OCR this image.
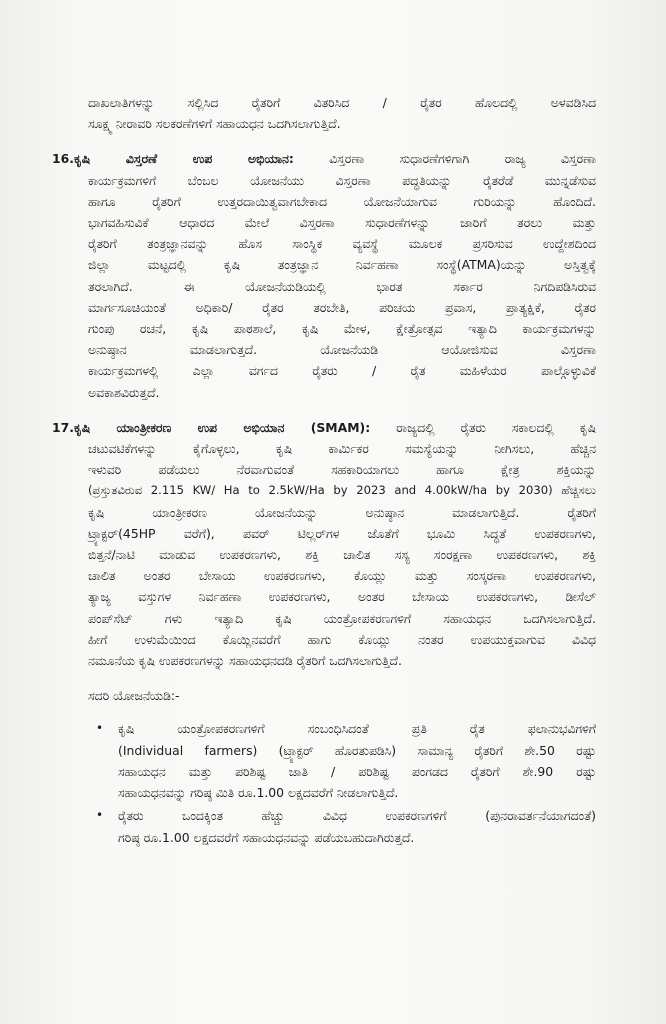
ದಾಖಲಾತಿಗಳನ್ನು ಸಲ್ಲಿಸಿದ ರೈತರಿಗೆ ವಿತರಿಸಿದ / ರೈತರ ಹೊಲದಲ್ಲಿ ಅಳವಡಿಸಿದ
ಸೂಕ್ಷ್ಮ ನೀರಾವರಿ ಸಲಕರಣೆಗಳಿಗೆ ಸಹಾಯಧನ ಒದಗಿಸಲಾಗುತ್ತಿದೆ.
16.ಕೃಷಿ ವಿಸ್ತರಣೆ ಉಪ ಅಭಿಯಾನ:	ವಿಸ್ತರಣಾ ಸುಧಾರಣೆಗಳಿಗಾಗಿ ರಾಜ್ಯ ವಿಸ್ತರಣಾ
ಕಾರ್ಯಕ್ರಮಗಳಿಗೆ ಬೆಂಬಲ ಯೋಜನೆಯು ವಿಸ್ತರಣಾ ಪದ್ಧತಿಯನ್ನು ರೈತರೆಡೆ ಮುನ್ನಡೆಸುವ
ಹಾಗೂ ರೈತರಿಗೆ ಉತ್ತರದಾಯಿತ್ವವಾಗಬೇಕಾದ ಯೋಜನೆಯಾಗುವ ಗುರಿಯನ್ನು ಹೊಂದಿದೆ.
ಭಾಗವಹಿಸುವಿಕೆ ಆಧಾರದ ಮೇಲೆ ವಿಸ್ತರಣಾ ಸುಧಾರಣೆಗಳನ್ನು ಜಾರಿಗೆ ತರಲು ಮತ್ತು
ರೈತರಿಗೆ ತಂತ್ರಜ್ಞಾನವನ್ನು ಹೊಸ ಸಾಂಸ್ಥಿಕ ವ್ಯವಸ್ಥೆ ಮೂಲಕ ಪ್ರಸರಿಸುವ ಉದ್ದೇಶದಿಂದ
ಜಿಲ್ಲಾ ಮಟ್ಟದಲ್ಲಿ ಕೃಷಿ ತಂತ್ರಜ್ಞಾನ ನಿರ್ವಹಣಾ ಸಂಸ್ಥೆ(ATMA)ಯನ್ನು ಅಸ್ತಿತ್ವಕ್ಕೆ
ತರಲಾಗಿದೆ. ಈ ಯೋಜನೆಯಡಿಯಲ್ಲಿ ಭಾರತ ಸರ್ಕಾರ ನಿಗದಿಪಡಿಸಿರುವ
ಮಾರ್ಗಸೂಚಿಯಂತೆ ಅಧಿಕಾರಿ/ ರೈತರ ತರಬೇತಿ, ಪರಿಚಯ ಪ್ರವಾಸ, ಪ್ರಾತ್ಯಕ್ಷಿಕೆ, ರೈತರ
ಗುಂಪು ರಚನೆ, ಕೃಷಿ ಪಾಠಶಾಲೆ, ಕೃಷಿ ಮೇಳ, ಕ್ಷೇತ್ರೋತ್ಸವ ಇತ್ಯಾದಿ ಕಾರ್ಯಕ್ರಮಗಳನ್ನು
ಅನುಷ್ಠಾನ ಮಾಡಲಾಗುತ್ತದೆ. ಯೋಜನೆಯಡಿ ಆಯೋಜಿಸುವ ವಿಸ್ತರಣಾ
ಕಾರ್ಯಕ್ರಮಗಳಲ್ಲಿ ಎಲ್ಲಾ ವರ್ಗದ ರೈತರು / ರೈತ ಮಹಿಳೆಯರ ಪಾಲ್ಗೊಳ್ಳುವಿಕೆ
ಅವಕಾಶವಿರುತ್ತದೆ.
17.ಕೃಷಿ ಯಾಂತ್ರೀಕರಣ ಉಪ ಅಭಿಯಾನ (SMAM): ರಾಜ್ಯದಲ್ಲಿ ರೈತರು ಸಕಾಲದಲ್ಲಿ ಕೃಷಿ
ಚಟುವಟಿಕೆಗಳನ್ನು ಕೈಗೊಳ್ಳಲು, ಕೃಷಿ ಕಾರ್ಮಿಕರ ಸಮಸ್ಯೆಯನ್ನು ನೀಗಿಸಲು, ಹೆಚ್ಚಿನ
ಇಳುವರಿ ಪಡೆಯಲು ನೆರವಾಗುವಂತೆ ಸಹಕಾರಿಯಾಗಲು ಹಾಗೂ ಕ್ಷೇತ್ರ ಶಕ್ತಿಯನ್ನು
(ಪ್ರಸ್ತುತವಿರುವ 2.115 KW/ Ha to 2.5kW/Ha by 2023 and 4.00kW/ha by 2030) ಹೆಚ್ಚಿಸಲು
ಕೃಷಿ ಯಾಂತ್ರೀಕರಣ ಯೋಜನೆಯನ್ನು ಅನುಷ್ಠಾನ ಮಾಡಲಾಗುತ್ತಿದೆ. ರೈತರಿಗೆ
ಟ್ರ್ಯಾಕ್ಟರ್(45HP ವರೆಗೆ), ಪವರ್ ಟಿಲ್ಲರ್‌ಗಳ ಜೊತೆಗೆ ಭೂಮಿ ಸಿದ್ಧತೆ ಉಪಕರಣಗಳು,
ಬಿತ್ತನೆ/ನಾಟಿ ಮಾಡುವ ಉಪಕರಣಗಳು, ಶಕ್ತಿ ಚಾಲಿತ ಸಸ್ಯ ಸಂರಕ್ಷಣಾ ಉಪಕರಣಗಳು, ಶಕ್ತಿ
ಚಾಲಿತ ಅಂತರ ಬೇಸಾಯ ಉಪಕರಣಗಳು, ಕೊಯ್ಲು ಮತ್ತು ಸಂಸ್ಕರಣಾ ಉಪಕರಣಗಳು,
ತ್ಯಾಜ್ಯ ವಸ್ತುಗಳ ನಿರ್ವಹಣಾ ಉಪಕರಣಗಳು, ಅಂತರ ಬೇಸಾಯ ಉಪಕರಣಗಳು, ಡೀಸೆಲ್
ಪಂಪ್‌ಸೆಟ್ ಗಳು ಇತ್ಯಾದಿ ಕೃಷಿ ಯಂತ್ರೋಪಕರಣಗಳಿಗೆ ಸಹಾಯಧನ ಒದಗಿಸಲಾಗುತ್ತಿದೆ.
ಹೀಗೆ ಉಳುಮೆಯಿಂದ ಕೊಯ್ಲಿನವರೆಗೆ ಹಾಗು ಕೊಯ್ಲು ನಂತರ ಉಪಯುಕ್ತವಾಗುವ ವಿವಿಧ
ನಮೂನೆಯ ಕೃಷಿ ಉಪಕರಣಗಳನ್ನು ಸಹಾಯಧನದಡಿ ರೈತರಿಗೆ ಒದಗಿಸಲಾಗುತ್ತಿದೆ.
ಸದರಿ ಯೋಜನೆಯಡಿ:-
• ಕೃಷಿ ಯಂತ್ರೋಪಕರಣಗಳಿಗೆ ಸಂಬಂಧಿಸಿದಂತೆ ಪ್ರತಿ ರೈತ ಫಲಾನುಭವಿಗಳಿಗೆ
(Individual farmers) (ಟ್ರ್ಯಾಕ್ಟರ್ ಹೊರತುಪಡಿಸಿ) ಸಾಮಾನ್ಯ ರೈತರಿಗೆ ಶೇ.50 ರಷ್ಟು
ಸಹಾಯಧನ ಮತ್ತು ಪರಿಶಿಷ್ಟ ಜಾತಿ / ಪರಿಶಿಷ್ಟ ಪಂಗಡದ ರೈತರಿಗೆ ಶೇ.90 ರಷ್ಟು
ಸಹಾಯಧನವನ್ನು ಗರಿಷ್ಠ ಮಿತಿ ರೂ.1.00 ಲಕ್ಷದವರೆಗೆ ನೀಡಲಾಗುತ್ತಿದೆ.
• ರೈತರು ಒಂದಕ್ಕಿಂತ ಹೆಚ್ಚು ವಿವಿಧ ಉಪಕರಣಗಳಿಗೆ (ಪುನರಾವರ್ತನೆಯಾಗದಂತೆ)
ಗರಿಷ್ಠ ರೂ.1.00 ಲಕ್ಷದವರೆಗೆ ಸಹಾಯಧನವನ್ನು ಪಡೆಯಬಹುದಾಗಿರುತ್ತದೆ.
